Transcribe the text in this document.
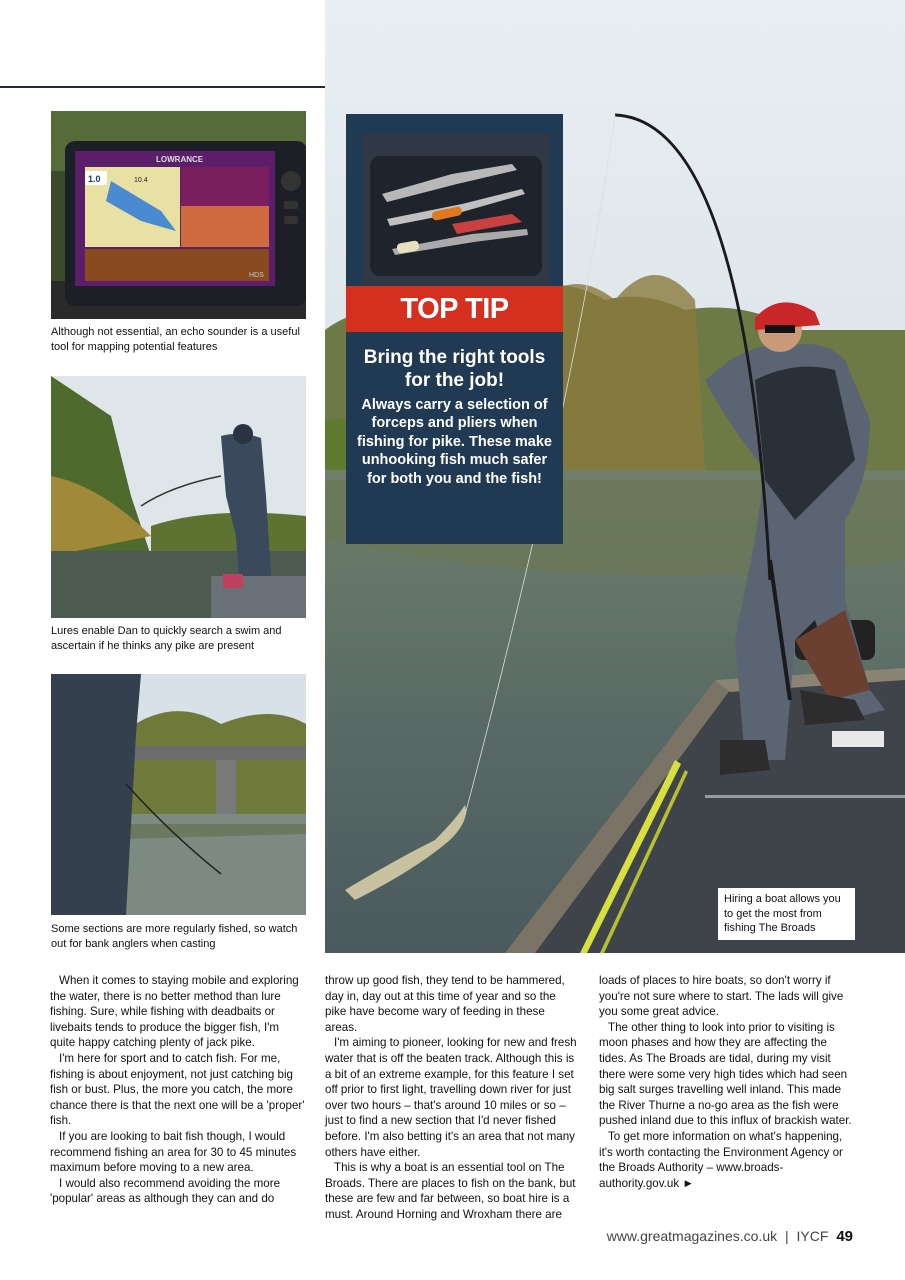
TOP TIP
Bring the right tools for the job!
Always carry a selection of forceps and pliers when fishing for pike. These make unhooking fish much safer for both you and the fish!
Hiring a boat allows you to get the most from fishing The Broads
LOWRANCE
1.0	10.4
HDS
Although not essential, an echo sounder is a useful tool for mapping potential features
Lures enable Dan to quickly search a swim and ascertain if he thinks any pike are present
Some sections are more regularly fished, so watch out for bank anglers when casting

When it comes to staying mobile and exploring the water, there is no better method than lure fishing. Sure, while fishing with deadbaits or livebaits tends to produce the bigger fish, I'm quite happy catching plenty of jack pike.

I'm here for sport and to catch fish. For me, fishing is about enjoyment, not just catching big fish or bust. Plus, the more you catch, the more chance there is that the next one will be a 'proper' fish.

If you are looking to bait fish though, I would recommend fishing an area for 30 to 45 minutes maximum before moving to a new area.

I would also recommend avoiding the more 'popular' areas as although they can and do

throw up good fish, they tend to be hammered, day in, day out at this time of year and so the pike have become wary of feeding in these areas.

I'm aiming to pioneer, looking for new and fresh water that is off the beaten track. Although this is a bit of an extreme example, for this feature I set off prior to first light, travelling down river for just over two hours – that's around 10 miles or so – just to find a new section that I'd never fished before. I'm also betting it's an area that not many others have either.

This is why a boat is an essential tool on The Broads. There are places to fish on the bank, but these are few and far between, so boat hire is a must. Around Horning and Wroxham there are

loads of places to hire boats, so don't worry if you're not sure where to start. The lads will give you some great advice.

The other thing to look into prior to visiting is moon phases and how they are affecting the tides. As The Broads are tidal, during my visit there were some very high tides which had seen big salt surges travelling well inland. This made the River Thurne a no-go area as the fish were pushed inland due to this influx of brackish water.

To get more information on what's happening, it's worth contacting the Environment Agency or the Broads Authority – www.broads-authority.gov.uk ►

www.greatmagazines.co.uk | IYCF 49
